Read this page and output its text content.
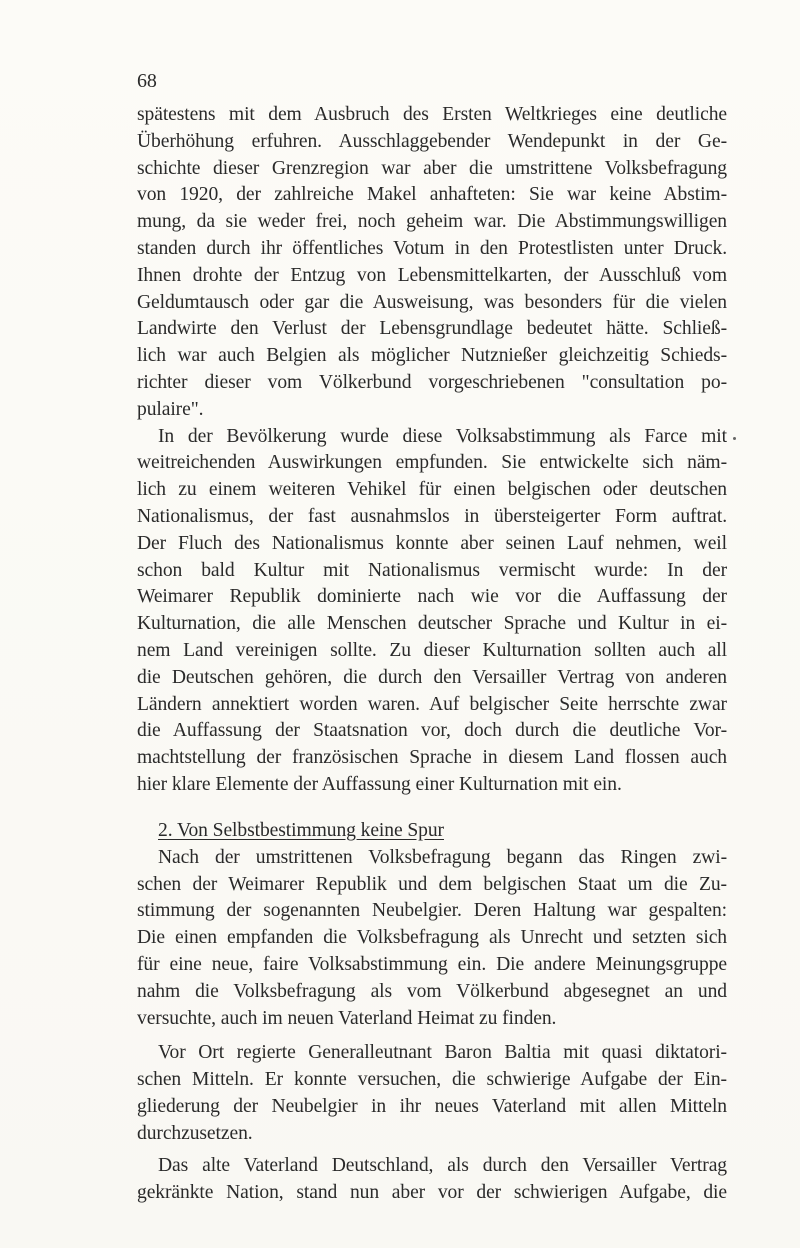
68
spätestens mit dem Ausbruch des Ersten Weltkrieges eine deutliche
Überhöhung erfuhren. Ausschlaggebender Wendepunkt in der Ge-
schichte dieser Grenzregion war aber die umstrittene Volksbefragung
von 1920, der zahlreiche Makel anhafteten: Sie war keine Abstim-
mung, da sie weder frei, noch geheim war. Die Abstimmungswilligen
standen durch ihr öffentliches Votum in den Protestlisten unter Druck.
Ihnen drohte der Entzug von Lebensmittelkarten, der Ausschluß vom
Geldumtausch oder gar die Ausweisung, was besonders für die vielen
Landwirte den Verlust der Lebensgrundlage bedeutet hätte. Schließ-
lich war auch Belgien als möglicher Nutznießer gleichzeitig Schieds-
richter dieser vom Völkerbund vorgeschriebenen "consultation po-
pulaire".
In der Bevölkerung wurde diese Volksabstimmung als Farce mit
weitreichenden Auswirkungen empfunden. Sie entwickelte sich näm-
lich zu einem weiteren Vehikel für einen belgischen oder deutschen
Nationalismus, der fast ausnahmslos in übersteigerter Form auftrat.
Der Fluch des Nationalismus konnte aber seinen Lauf nehmen, weil
schon bald Kultur mit Nationalismus vermischt wurde: In der
Weimarer Republik dominierte nach wie vor die Auffassung der
Kulturnation, die alle Menschen deutscher Sprache und Kultur in ei-
nem Land vereinigen sollte. Zu dieser Kulturnation sollten auch all
die Deutschen gehören, die durch den Versailler Vertrag von anderen
Ländern annektiert worden waren. Auf belgischer Seite herrschte zwar
die Auffassung der Staatsnation vor, doch durch die deutliche Vor-
machtstellung der französischen Sprache in diesem Land flossen auch
hier klare Elemente der Auffassung einer Kulturnation mit ein.
2. Von Selbstbestimmung keine Spur
Nach der umstrittenen Volksbefragung begann das Ringen zwi-
schen der Weimarer Republik und dem belgischen Staat um die Zu-
stimmung der sogenannten Neubelgier. Deren Haltung war gespalten:
Die einen empfanden die Volksbefragung als Unrecht und setzten sich
für eine neue, faire Volksabstimmung ein. Die andere Meinungsgruppe
nahm die Volksbefragung als vom Völkerbund abgesegnet an und
versuchte, auch im neuen Vaterland Heimat zu finden.
Vor Ort regierte Generalleutnant Baron Baltia mit quasi diktatori-
schen Mitteln. Er konnte versuchen, die schwierige Aufgabe der Ein-
gliederung der Neubelgier in ihr neues Vaterland mit allen Mitteln
durchzusetzen.
Das alte Vaterland Deutschland, als durch den Versailler Vertrag
gekränkte Nation, stand nun aber vor der schwierigen Aufgabe, die
